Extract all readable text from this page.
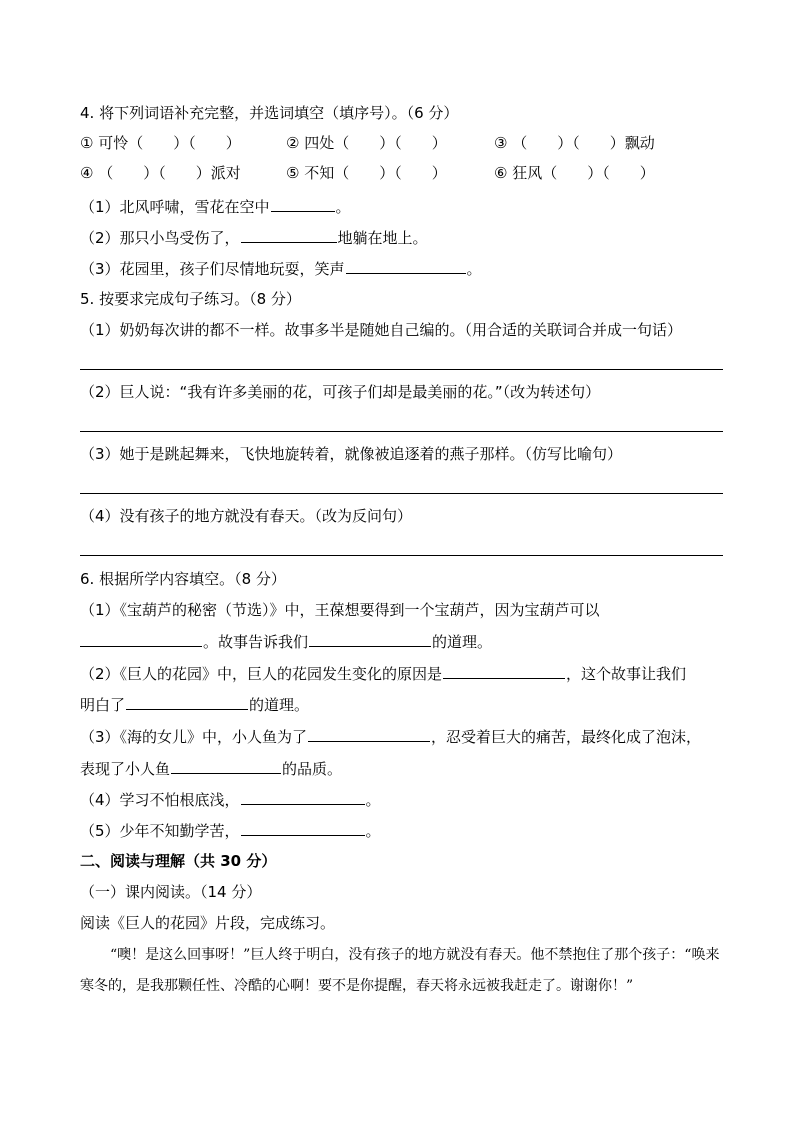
4. 将下列词语补充完整，并选词填空（填序号）。（6 分）
① 可怜（　　）（　　）	② 四处（　　）（　　）	③ （　　）（　　）飘动
④ （　　）（　　）派对	⑤ 不知（　　）（　　）	⑥ 狂风（　　）（　　）
（1）北风呼啸，雪花在空中	。
（2）那只小鸟受伤了，	地躺在地上。
（3）花园里，孩子们尽情地玩耍，笑声	。
5. 按要求完成句子练习。（8 分）
（1）奶奶每次讲的都不一样。故事多半是随她自己编的。（用合适的关联词合并成一句话）
（2）巨人说：“我有许多美丽的花，可孩子们却是最美丽的花。”（改为转述句）
（3）她于是跳起舞来，飞快地旋转着，就像被追逐着的燕子那样。（仿写比喻句）
（4）没有孩子的地方就没有春天。（改为反问句）
6. 根据所学内容填空。（8 分）
（1）《宝葫芦的秘密（节选）》中，王葆想要得到一个宝葫芦，因为宝葫芦可以
。故事告诉我们	的道理。
（2）《巨人的花园》中，巨人的花园发生变化的原因是	，这个故事让我们
明白了	的道理。
（3）《海的女儿》中，小人鱼为了	，忍受着巨大的痛苦，最终化成了泡沫，
表现了小人鱼	的品质。
（4）学习不怕根底浅，	。
（5）少年不知勤学苦，	。
二、阅读与理解（共 30 分）
（一）课内阅读。（14 分）
阅读《巨人的花园》片段，完成练习。
“噢！是这么回事呀！”巨人终于明白，没有孩子的地方就没有春天。他不禁抱住了那个孩子：“唤来寒冬的，是我那颗任性、冷酷的心啊！要不是你提醒，春天将永远被我赶走了。谢谢你！”
